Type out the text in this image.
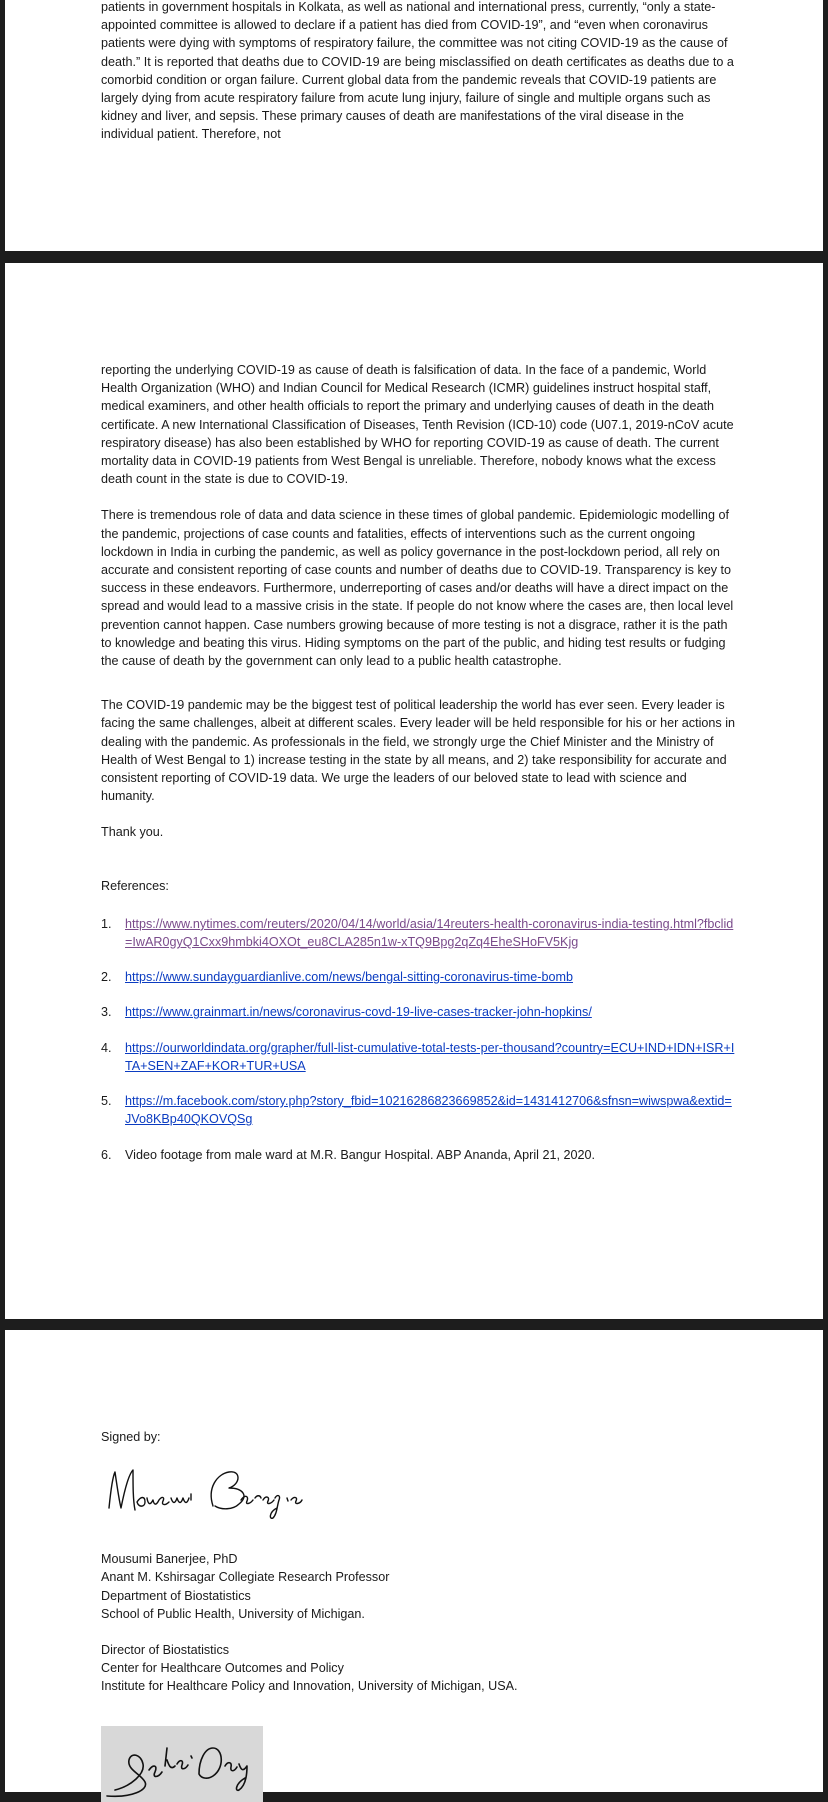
patients in government hospitals in Kolkata, as well as national and international press, currently, “only a state-appointed committee is allowed to declare if a patient has died from COVID-19”, and “even when coronavirus patients were dying with symptoms of respiratory failure, the committee was not citing COVID-19 as the cause of death.” It is reported that deaths due to COVID-19 are being misclassified on death certificates as deaths due to a comorbid condition or organ failure. Current global data from the pandemic reveals that COVID-19 patients are largely dying from acute respiratory failure from acute lung injury, failure of single and multiple organs such as kidney and liver, and sepsis. These primary causes of death are manifestations of the viral disease in the individual patient. Therefore, not

reporting the underlying COVID-19 as cause of death is falsification of data. In the face of a pandemic, World Health Organization (WHO) and Indian Council for Medical Research (ICMR) guidelines instruct hospital staff, medical examiners, and other health officials to report the primary and underlying causes of death in the death certificate. A new International Classification of Diseases, Tenth Revision (ICD-10) code (U07.1, 2019-nCoV acute respiratory disease) has also been established by WHO for reporting COVID-19 as cause of death. The current mortality data in COVID-19 patients from West Bengal is unreliable. Therefore, nobody knows what the excess death count in the state is due to COVID-19.

There is tremendous role of data and data science in these times of global pandemic. Epidemiologic modelling of the pandemic, projections of case counts and fatalities, effects of interventions such as the current ongoing lockdown in India in curbing the pandemic, as well as policy governance in the post-lockdown period, all rely on accurate and consistent reporting of case counts and number of deaths due to COVID-19. Transparency is key to success in these endeavors. Furthermore, underreporting of cases and/or deaths will have a direct impact on the spread and would lead to a massive crisis in the state. If people do not know where the cases are, then local level prevention cannot happen. Case numbers growing because of more testing is not a disgrace, rather it is the path to knowledge and beating this virus. Hiding symptoms on the part of the public, and hiding test results or fudging the cause of death by the government can only lead to a public health catastrophe.

The COVID-19 pandemic may be the biggest test of political leadership the world has ever seen. Every leader is facing the same challenges, albeit at different scales. Every leader will be held responsible for his or her actions in dealing with the pandemic. As professionals in the field, we strongly urge the Chief Minister and the Ministry of Health of West Bengal to 1) increase testing in the state by all means, and 2) take responsibility for accurate and consistent reporting of COVID-19 data. We urge the leaders of our beloved state to lead with science and humanity.

Thank you.

References:

1. https://www.nytimes.com/reuters/2020/04/14/world/asia/14reuters-health-coronavirus-india-testing.html?fbclid=IwAR0gyQ1Cxx9hmbki4OXOt_eu8CLA285n1w-xTQ9Bpg2qZq4EheSHoFV5Kjg
2. https://www.sundayguardianlive.com/news/bengal-sitting-coronavirus-time-bomb
3. https://www.grainmart.in/news/coronavirus-covd-19-live-cases-tracker-john-hopkins/
4. https://ourworldindata.org/grapher/full-list-cumulative-total-tests-per-thousand?country=ECU+IND+IDN+ISR+ITA+SEN+ZAF+KOR+TUR+USA
5. https://m.facebook.com/story.php?story_fbid=10216286823669852&id=1431412706&sfnsn=wiwspwa&extid=JVo8KBp40QKOVQSg
6. Video footage from male ward at M.R. Bangur Hospital. ABP Ananda, April 21, 2020.

Signed by:

Mousumi Banerjee, PhD

Anant M. Kshirsagar Collegiate Research Professor

Department of Biostatistics

School of Public Health, University of Michigan.

Director of Biostatistics

Center for Healthcare Outcomes and Policy

Institute for Healthcare Policy and Innovation, University of Michigan, USA.
